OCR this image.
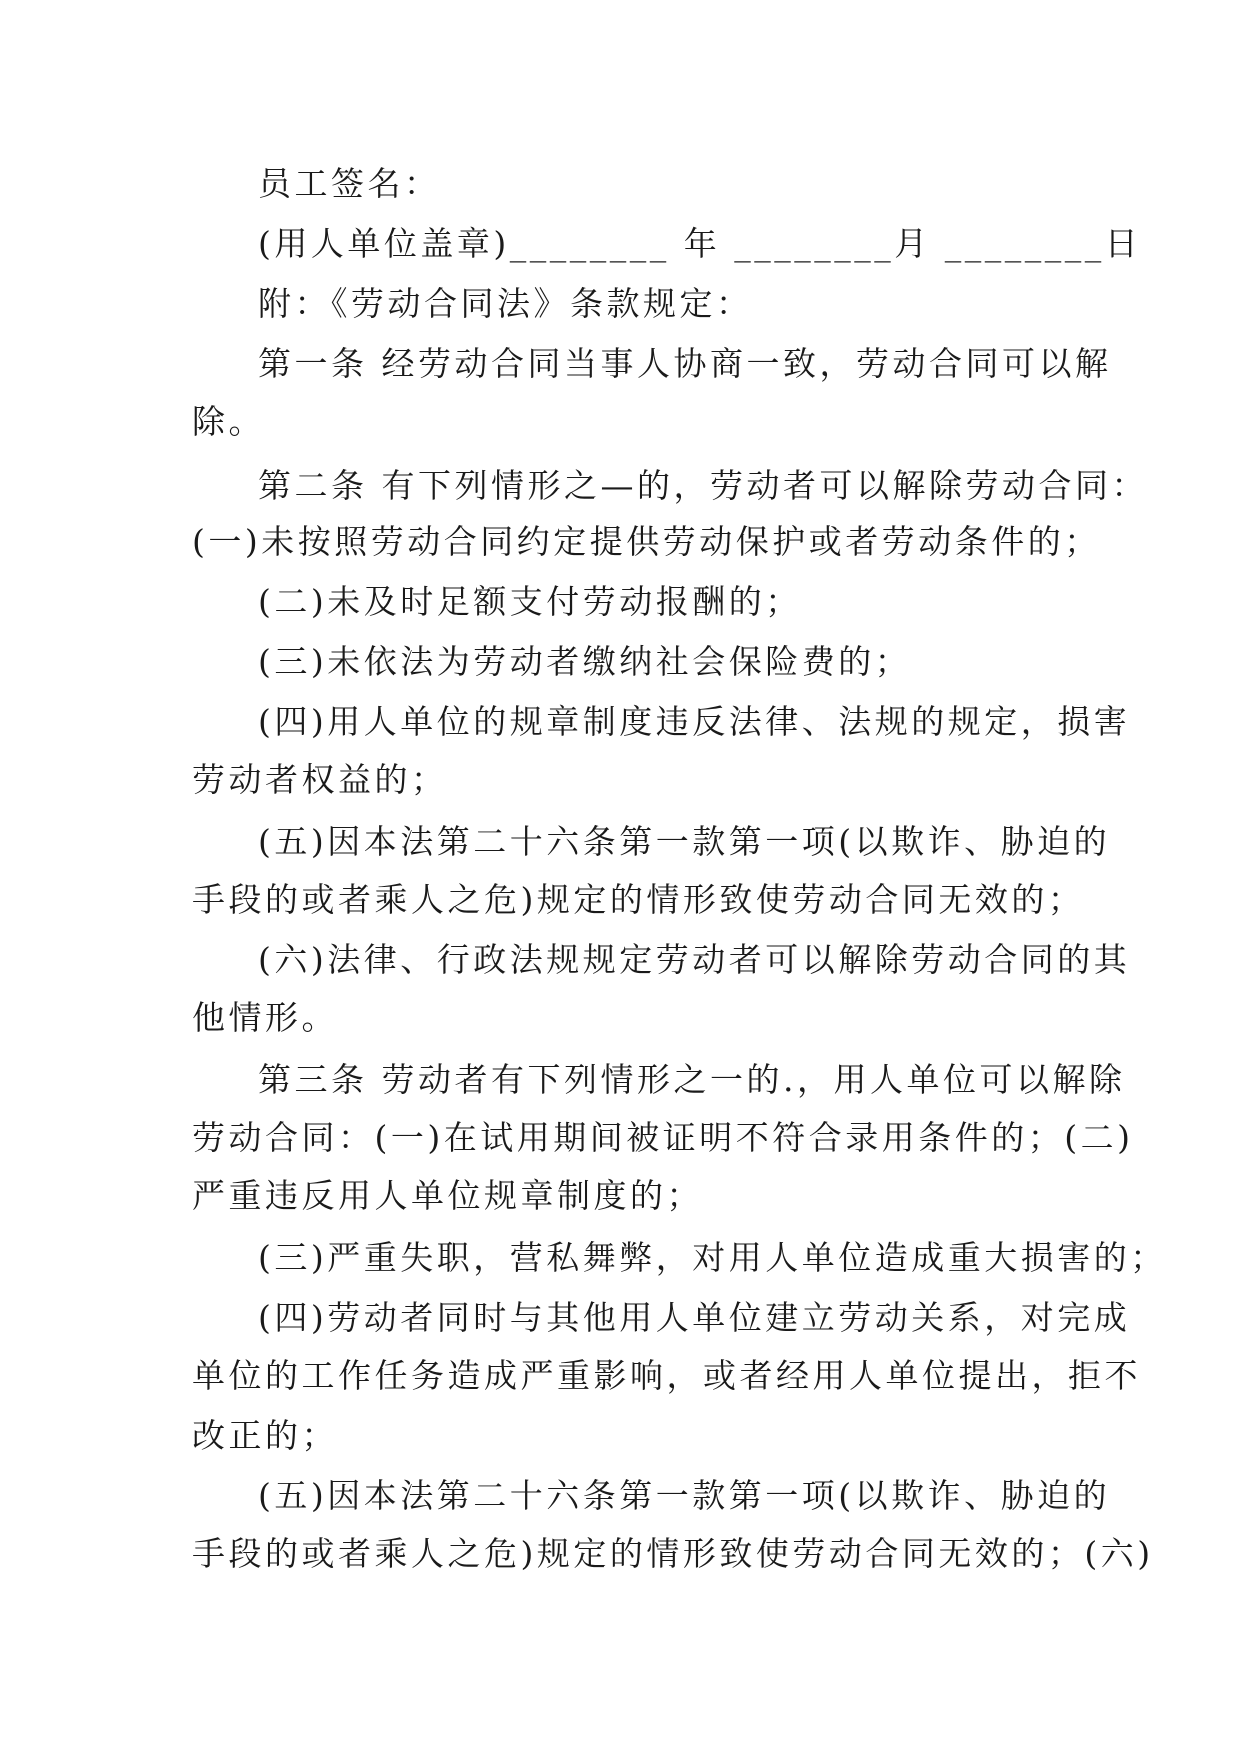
员工签名：
(用人单位盖章)________ 年 ________月 ________日
附：《劳动合同法》条款规定：
第一条 经劳动合同当事人协商一致，劳动合同可以解
除。
第二条 有下列情形之—的，劳动者可以解除劳动合同：
(一)未按照劳动合同约定提供劳动保护或者劳动条件的；
(二)未及时足额支付劳动报酬的；
(三)未依法为劳动者缴纳社会保险费的；
(四)用人单位的规章制度违反法律、法规的规定，损害
劳动者权益的；
(五)因本法第二十六条第一款第一项(以欺诈、胁迫的
手段的或者乘人之危)规定的情形致使劳动合同无效的；
(六)法律、行政法规规定劳动者可以解除劳动合同的其
他情形。
第三条 劳动者有下列情形之一的.，用人单位可以解除
劳动合同：(一)在试用期间被证明不符合录用条件的；(二)
严重违反用人单位规章制度的；
(三)严重失职，营私舞弊，对用人单位造成重大损害的；
(四)劳动者同时与其他用人单位建立劳动关系，对完成
单位的工作任务造成严重影响，或者经用人单位提出，拒不
改正的；
(五)因本法第二十六条第一款第一项(以欺诈、胁迫的
手段的或者乘人之危)规定的情形致使劳动合同无效的；(六)
